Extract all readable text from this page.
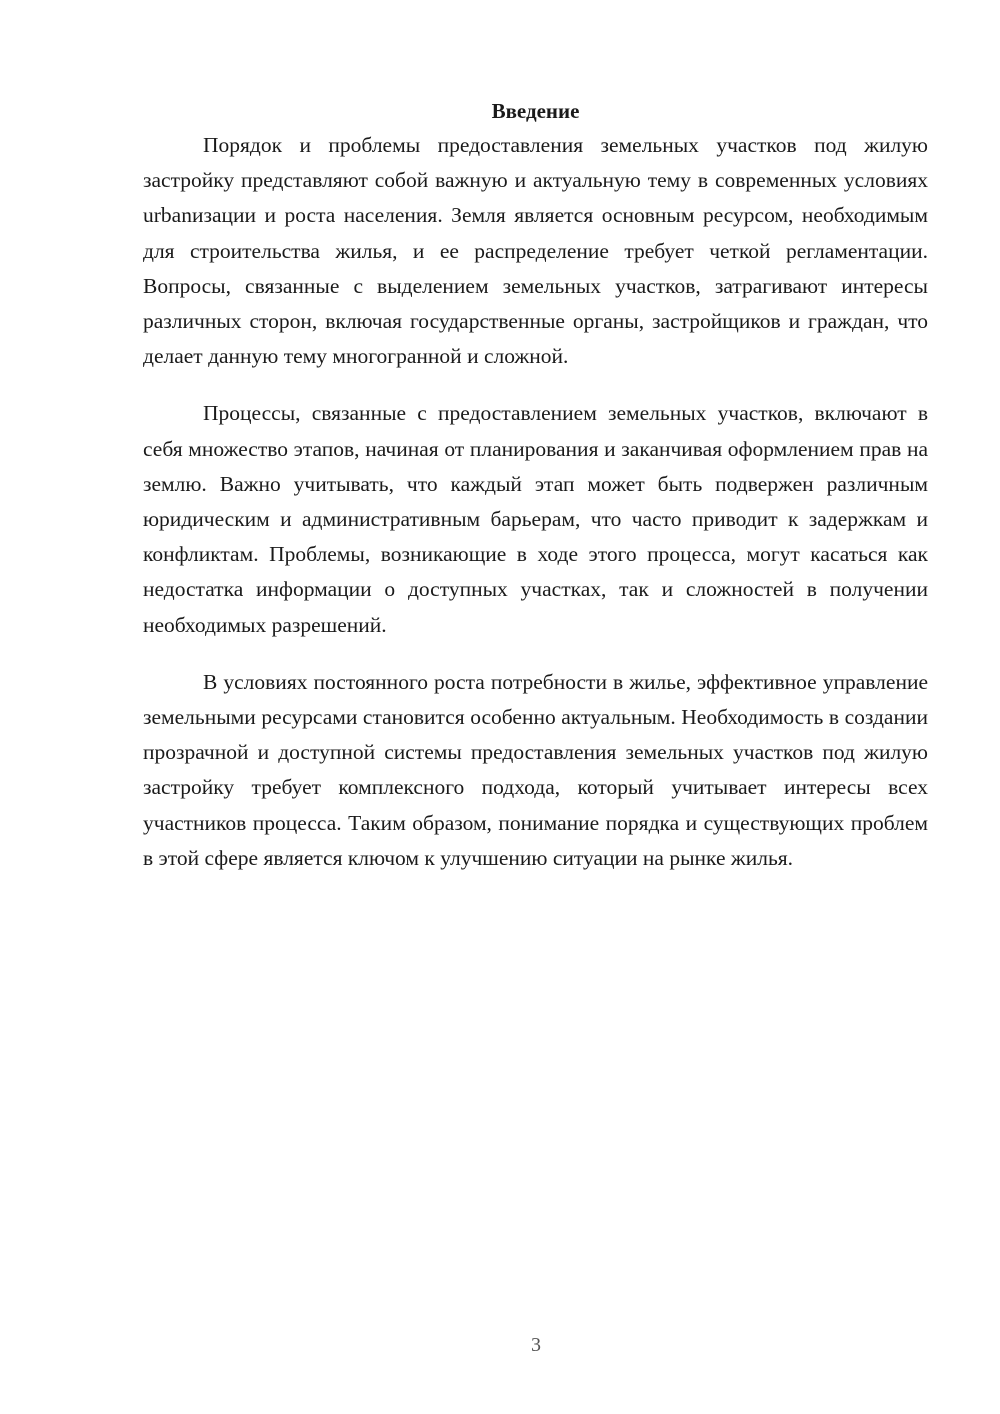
Введение

Порядок и проблемы предоставления земельных участков под жилую застройку представляют собой важную и актуальную тему в современных условиях urbanизации и роста населения. Земля является основным ресурсом, необходимым для строительства жилья, и ее распределение требует четкой регламентации. Вопросы, связанные с выделением земельных участков, затрагивают интересы различных сторон, включая государственные органы, застройщиков и граждан, что делает данную тему многогранной и сложной.

Процессы, связанные с предоставлением земельных участков, включают в себя множество этапов, начиная от планирования и заканчивая оформлением прав на землю. Важно учитывать, что каждый этап может быть подвержен различным юридическим и административным барьерам, что часто приводит к задержкам и конфликтам. Проблемы, возникающие в ходе этого процесса, могут касаться как недостатка информации о доступных участках, так и сложностей в получении необходимых разрешений.

В условиях постоянного роста потребности в жилье, эффективное управление земельными ресурсами становится особенно актуальным. Необходимость в создании прозрачной и доступной системы предоставления земельных участков под жилую застройку требует комплексного подхода, который учитывает интересы всех участников процесса. Таким образом, понимание порядка и существующих проблем в этой сфере является ключом к улучшению ситуации на рынке жилья.

3
